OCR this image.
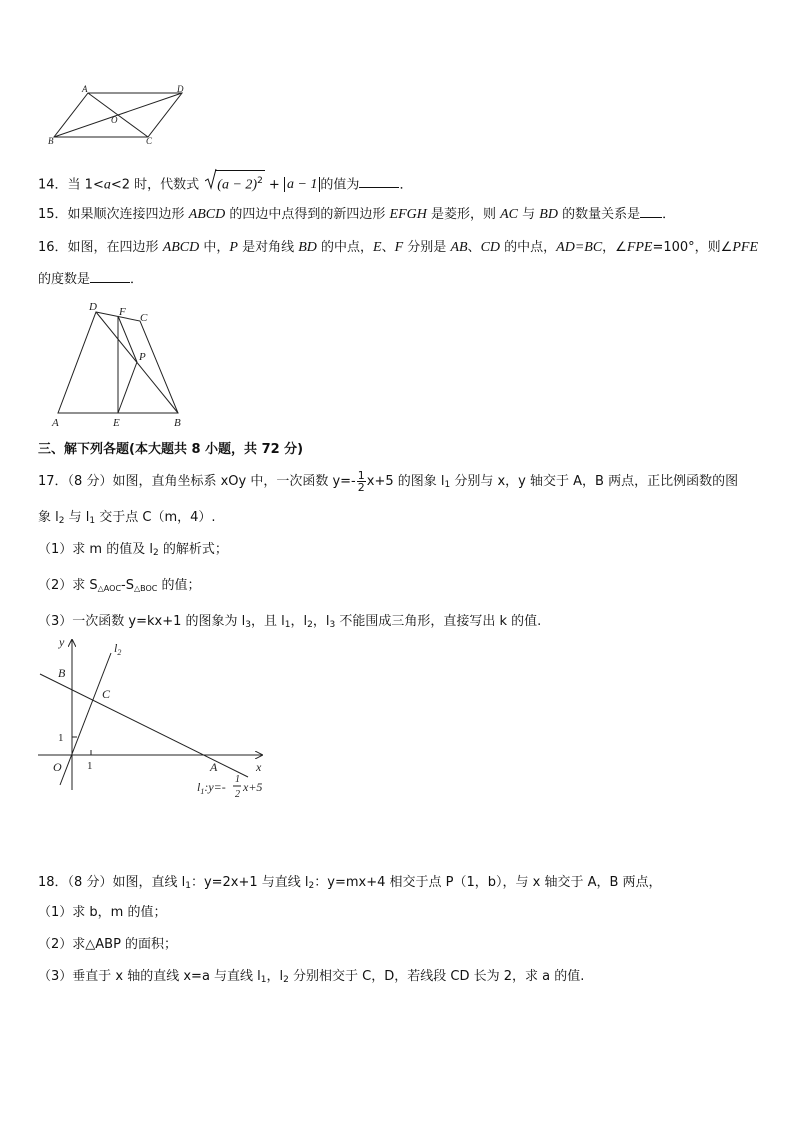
A	D
O
B	C
14．当 1<a<2 时，代数式 $(a - 2)^2 + a - 1$ 的值为	．
15．如果顺次连接四边形 ABCD 的四边中点得到的新四边形 EFGH 是菱形，则 AC 与 BD 的数量关系是 ．
16．如图，在四边形 ABCD 中，P 是对角线 BD 的中点，E、F 分别是 AB、CD 的中点，AD=BC，∠FPE=100°，则∠PFE
的度数是	．
D F C
P
A	E	B
三、解下列各题(本大题共 8 小题，共 72 分)
17．（8 分）如图，直角坐标系 xOy 中，一次函数 $y=- \frac{1}{2} x+5$ 的图象 $l_1$ 分别与 x，y 轴交于 A，B 两点，正比例函数的图
象 $l_2$ 与 $l_1$ 交于点 C（m，4）.
（1）求 m 的值及 $l_2$ 的解析式；
（2）求 $S_{\triangle AOC}-S_{\triangle BOC}$ 的值；
（3）一次函数 y=kx+1 的图象为 $l_3$，且 $l_1$，$l_2$，$l_3$ 不能围成三角形，直接写出 k 的值.
y
x
B
C
O	A
$l_2$
1
1
$l_1:y=-$
1
2
x+5
18．（8 分）如图，直线 $l_1$：y=2x+1 与直线 $l_2$：y=mx+4 相交于点 P（1，b），与 x 轴交于 A，B 两点，
（1）求 b，m 的值；
（2）求△ABP 的面积；
（3）垂直于 x 轴的直线 x=a 与直线 $l_1$，$l_2$ 分别相交于 C，D，若线段 CD 长为 2，求 a 的值.
